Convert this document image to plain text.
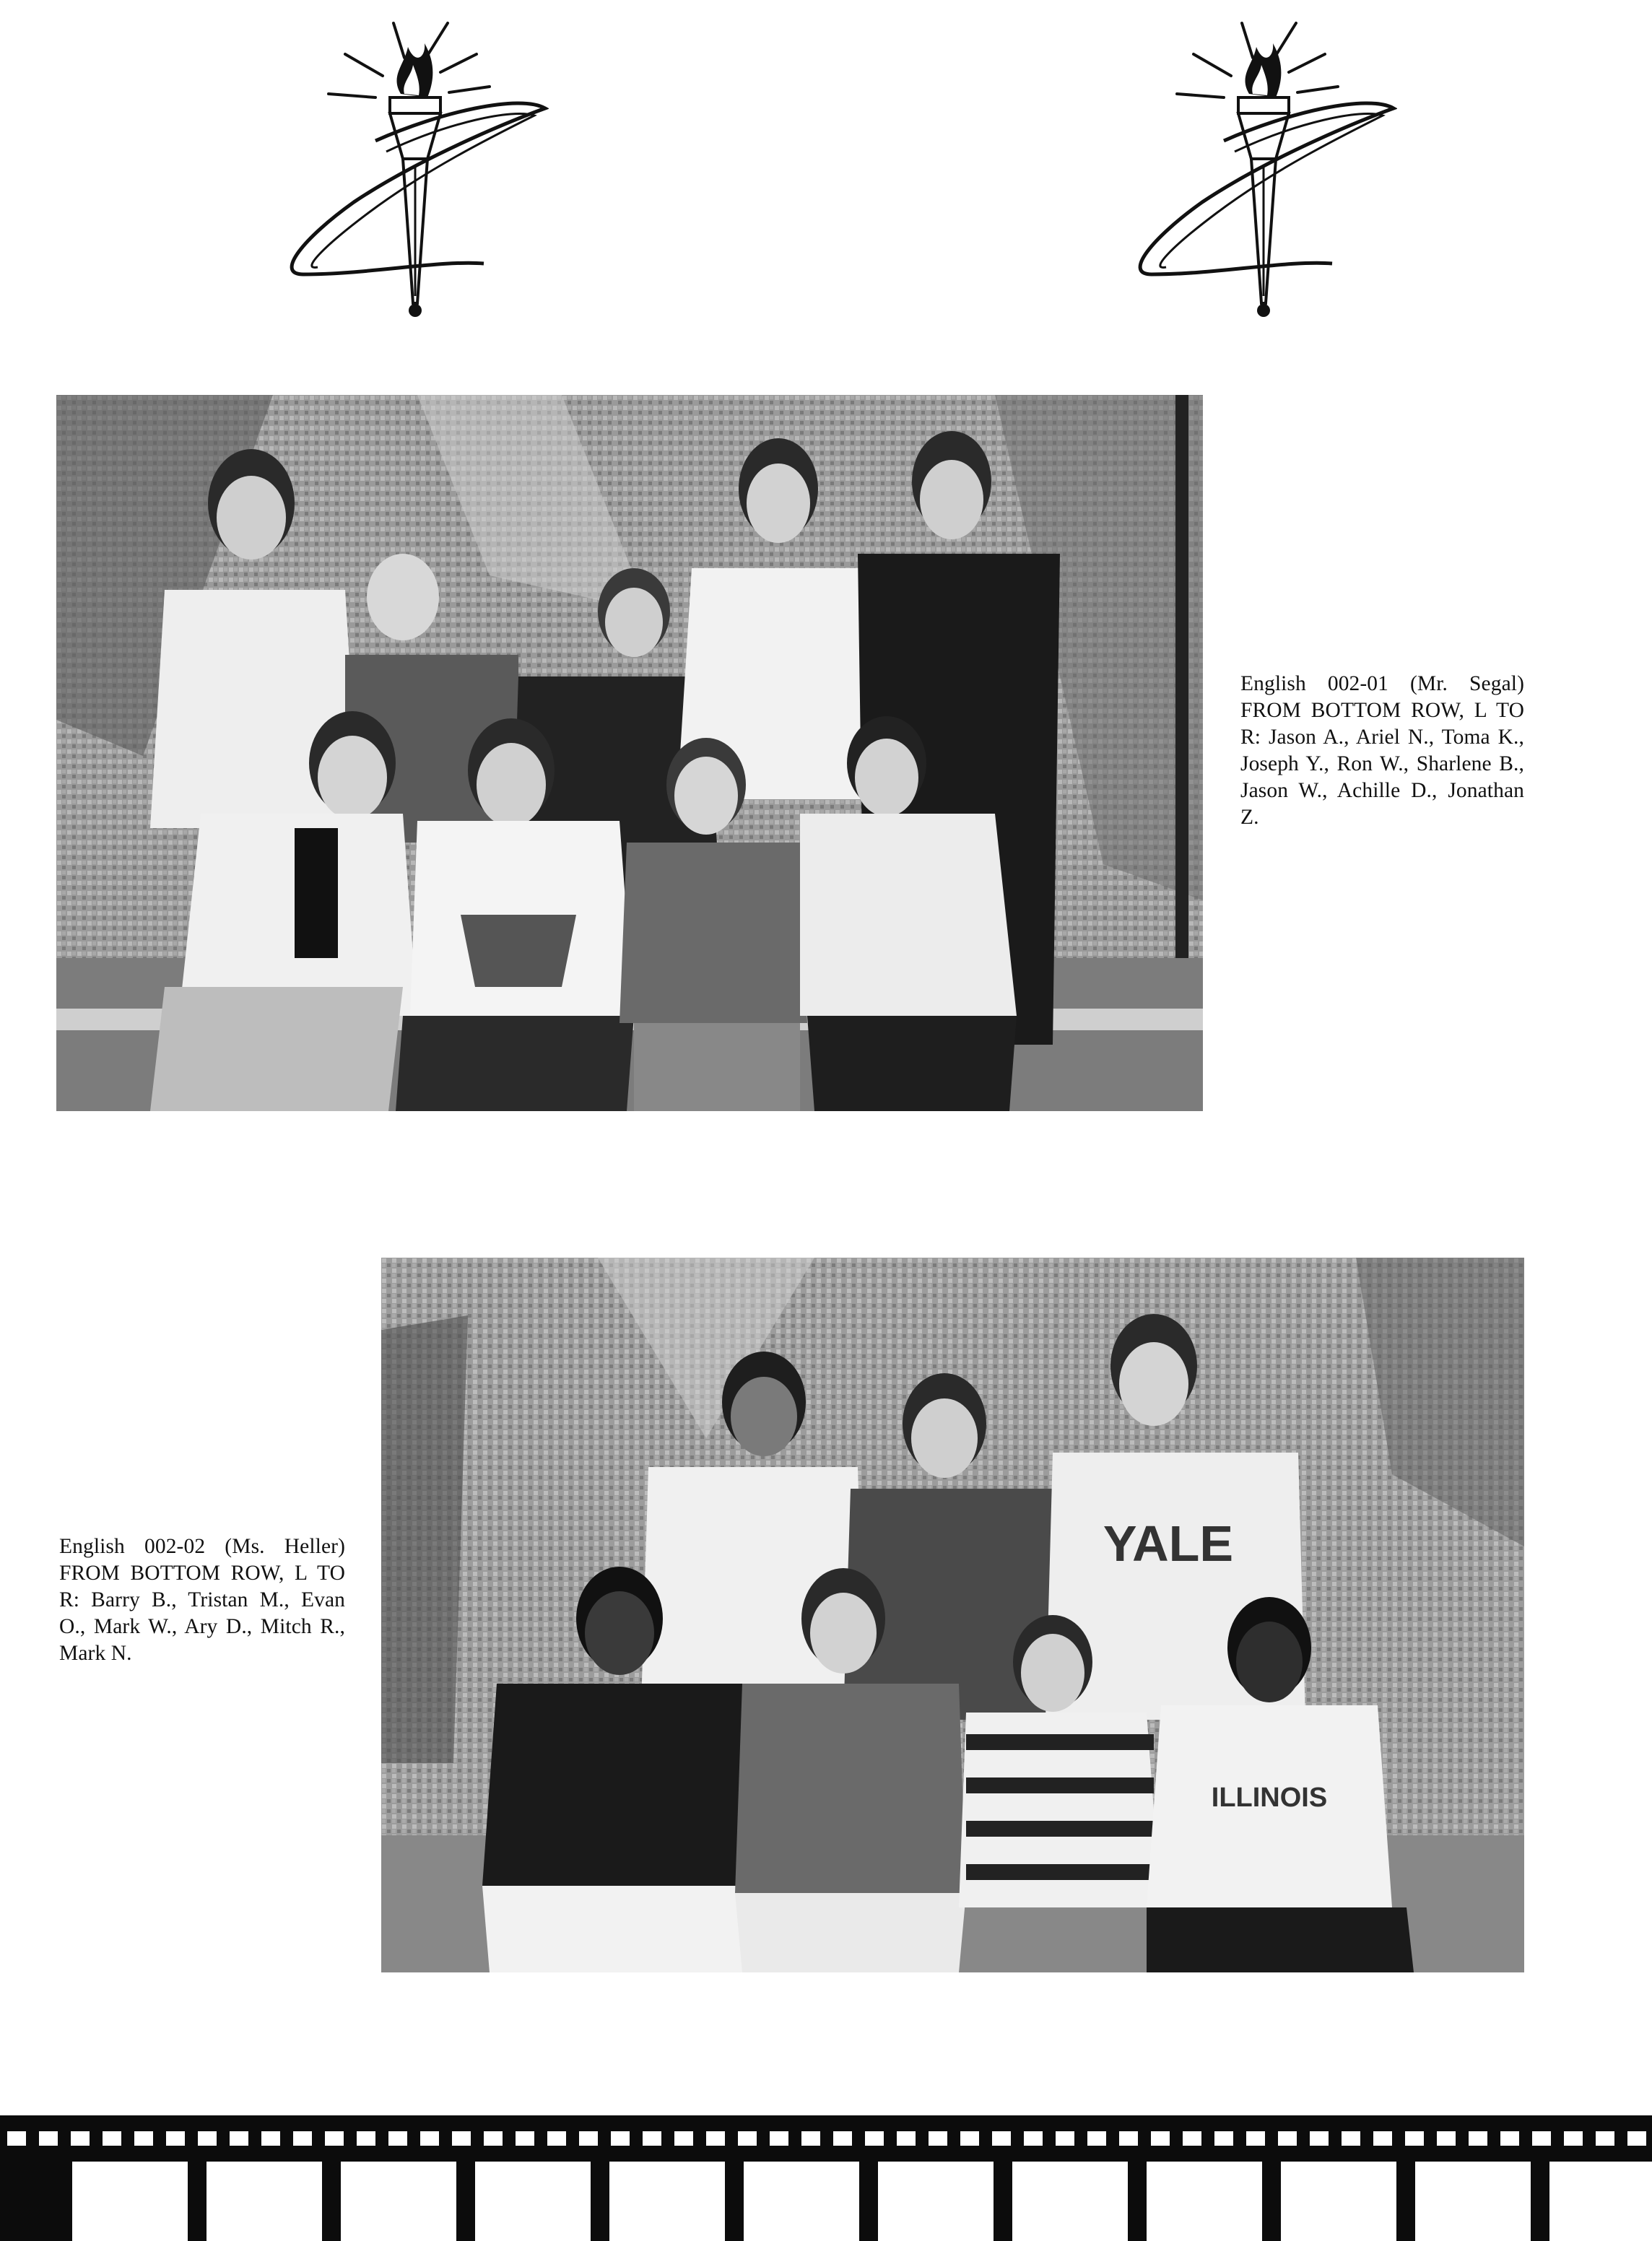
English 002-01 (Mr. Segal) FROM BOTTOM ROW, L TO R: Jason A., Ariel N., Toma K., Joseph Y., Ron W., Sharlene B., Jason W., Achille D., Jonathan Z.
YALE
ILLINOIS
English 002-02 (Ms. Heller) FROM BOTTOM ROW, L TO R: Barry B., Tristan M., Evan O., Mark W., Ary D., Mitch R., Mark N.
